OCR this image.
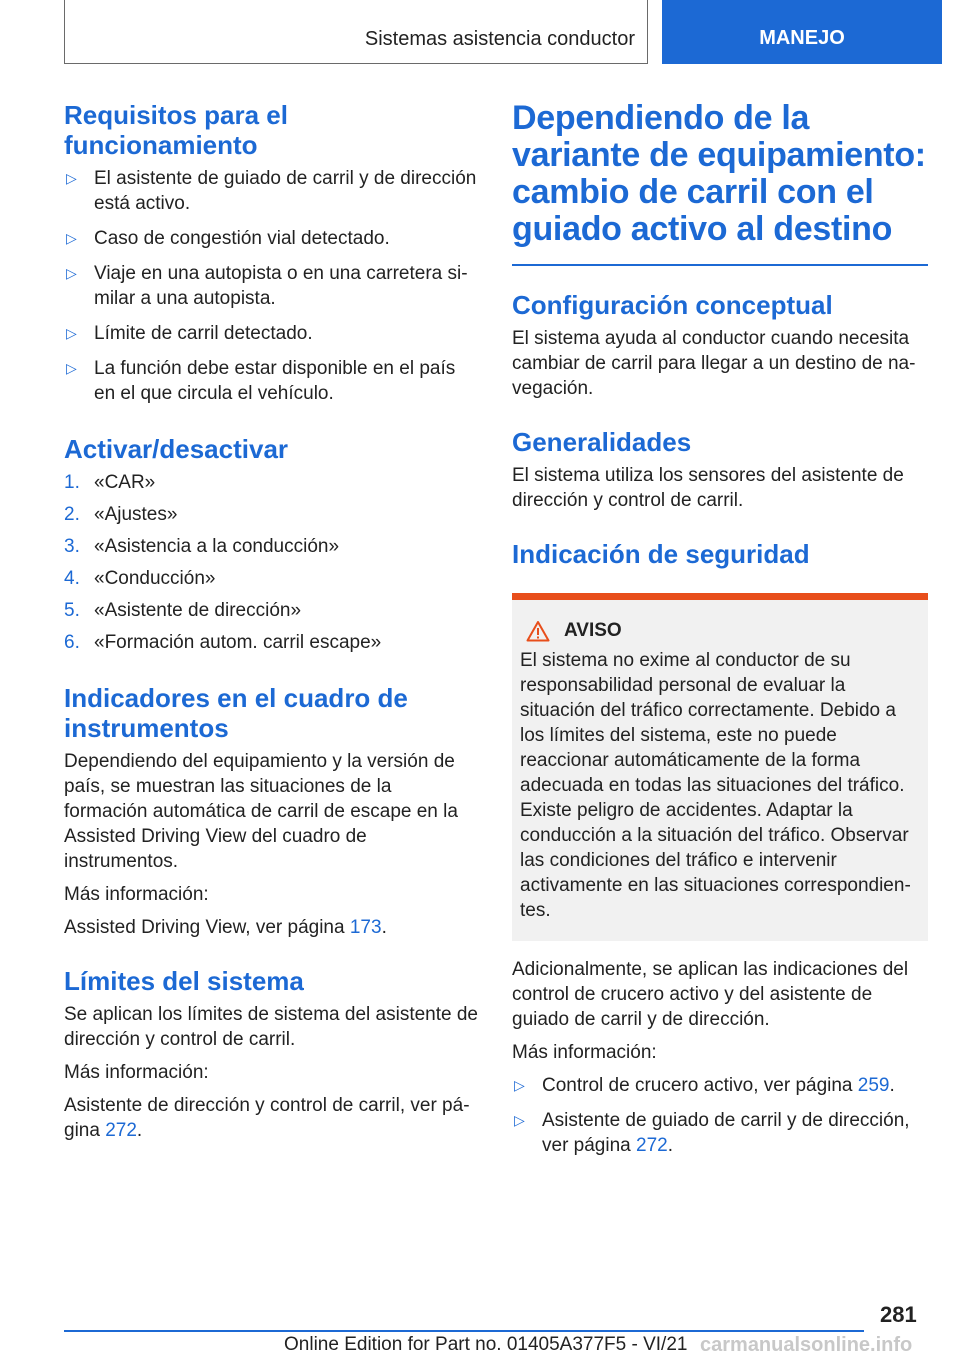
Sistemas asistencia conductor	MANEJO
Requisitos para el funcionamiento
▷ El asistente de guiado de carril y de dirección está activo.
▷ Caso de congestión vial detectado.
▷ Viaje en una autopista o en una carretera similar a una autopista.
▷ Límite de carril detectado.
▷ La función debe estar disponible en el país en el que circula el vehículo.
Activar/desactivar
1. «CAR»
2. «Ajustes»
3. «Asistencia a la conducción»
4. «Conducción»
5. «Asistente de dirección»
6. «Formación autom. carril escape»
Indicadores en el cuadro de instrumentos

Dependiendo del equipamiento y la versión de país, se muestran las situaciones de la formación automática de carril de escape en la Assisted Driving View del cuadro de instrumentos.

Más información:

Assisted Driving View, ver página 173.

Límites del sistema

Se aplican los límites de sistema del asistente de dirección y control de carril.

Más información:

Asistente de dirección y control de carril, ver página 272.

Dependiendo de la variante de equipamiento: cambio de carril con el guiado activo al destino
Configuración conceptual

El sistema ayuda al conductor cuando necesita cambiar de carril para llegar a un destino de navegación.

Generalidades

El sistema utiliza los sensores del asistente de dirección y control de carril.

Indicación de seguridad
AVISO

El sistema no exime al conductor de su responsabilidad personal de evaluar la situación del tráfico correctamente. Debido a los límites del sistema, este no puede reaccionar automáticamente de la forma adecuada en todas las situaciones del tráfico. Existe peligro de accidentes. Adaptar la conducción a la situación del tráfico. Observar las condiciones del tráfico e intervenir activamente en las situaciones correspondientes.

Adicionalmente, se aplican las indicaciones del control de crucero activo y del asistente de guiado de carril y de dirección.

Más información:

▷ Control de crucero activo, ver página 259.
▷ Asistente de guiado de carril y de dirección, ver página 272.
281
Online Edition for Part no. 01405A377F5 - VI/21 carmanualsonline.info
